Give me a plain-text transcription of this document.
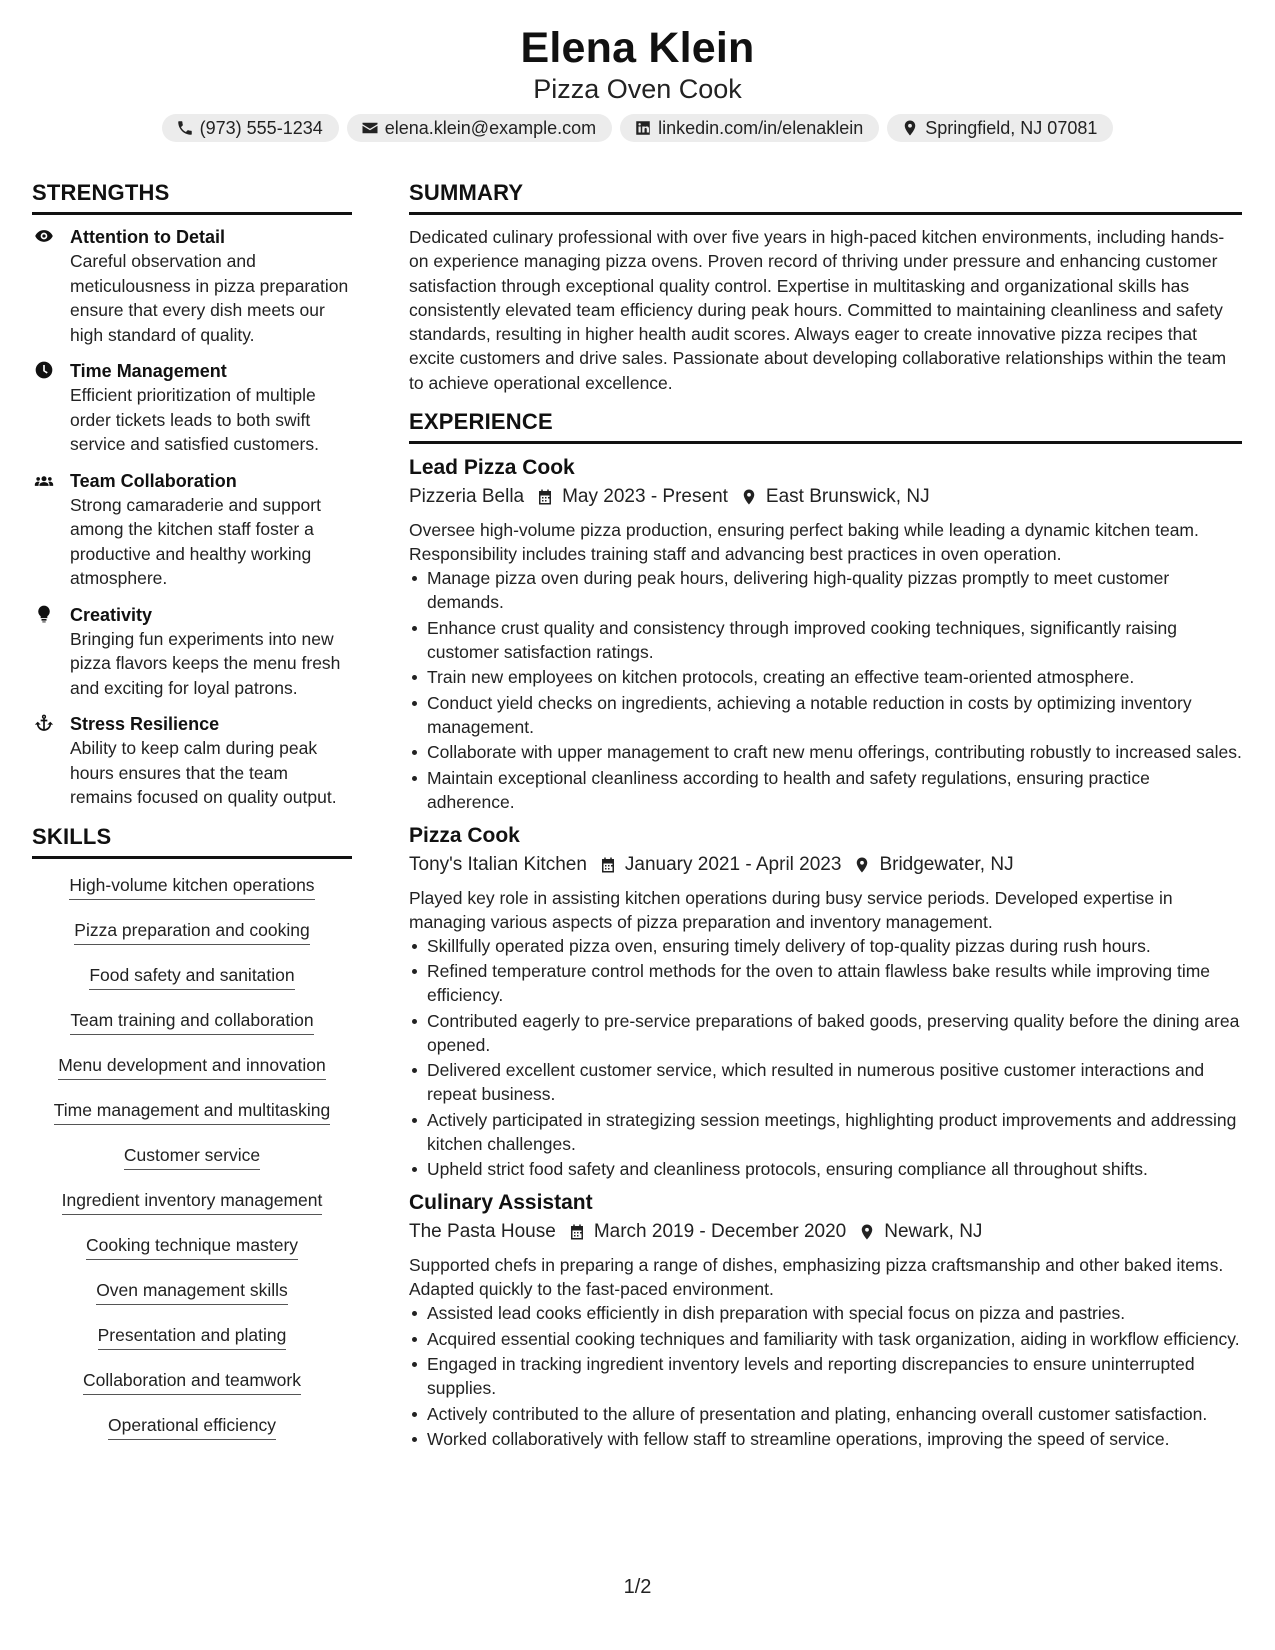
Elena Klein
Pizza Oven Cook
(973) 555-1234	elena.klein@example.com	linkedin.com/in/elenaklein	Springfield, NJ 07081
STRENGTHS
Attention to Detail
Careful observation and meticulousness in pizza preparation ensure that every dish meets our high standard of quality.
Time Management
Efficient prioritization of multiple order tickets leads to both swift service and satisfied customers.
Team Collaboration
Strong camaraderie and support among the kitchen staff foster a productive and healthy working atmosphere.
Creativity
Bringing fun experiments into new pizza flavors keeps the menu fresh and exciting for loyal patrons.
Stress Resilience
Ability to keep calm during peak hours ensures that the team remains focused on quality output.
SKILLS
High-volume kitchen operations
Pizza preparation and cooking
Food safety and sanitation
Team training and collaboration
Menu development and innovation
Time management and multitasking
Customer service
Ingredient inventory management
Cooking technique mastery
Oven management skills
Presentation and plating
Collaboration and teamwork
Operational efficiency
SUMMARY

Dedicated culinary professional with over five years in high-paced kitchen environments, including hands-on experience managing pizza ovens. Proven record of thriving under pressure and enhancing customer satisfaction through exceptional quality control. Expertise in multitasking and organizational skills has consistently elevated team efficiency during peak hours. Committed to maintaining cleanliness and safety standards, resulting in higher health audit scores. Always eager to create innovative pizza recipes that excite customers and drive sales. Passionate about developing collaborative relationships within the team to achieve operational excellence.

EXPERIENCE
Lead Pizza Cook
Pizzeria Bella May 2023 - Present East Brunswick, NJ
Oversee high-volume pizza production, ensuring perfect baking while leading a dynamic kitchen team. Responsibility includes training staff and advancing best practices in oven operation.
Manage pizza oven during peak hours, delivering high-quality pizzas promptly to meet customer demands.
Enhance crust quality and consistency through improved cooking techniques, significantly raising customer satisfaction ratings.
Train new employees on kitchen protocols, creating an effective team-oriented atmosphere.
Conduct yield checks on ingredients, achieving a notable reduction in costs by optimizing inventory management.
Collaborate with upper management to craft new menu offerings, contributing robustly to increased sales.
Maintain exceptional cleanliness according to health and safety regulations, ensuring practice adherence.
Pizza Cook
Tony's Italian Kitchen January 2021 - April 2023 Bridgewater, NJ
Played key role in assisting kitchen operations during busy service periods. Developed expertise in managing various aspects of pizza preparation and inventory management.
Skillfully operated pizza oven, ensuring timely delivery of top-quality pizzas during rush hours.
Refined temperature control methods for the oven to attain flawless bake results while improving time efficiency.
Contributed eagerly to pre-service preparations of baked goods, preserving quality before the dining area opened.
Delivered excellent customer service, which resulted in numerous positive customer interactions and repeat business.
Actively participated in strategizing session meetings, highlighting product improvements and addressing kitchen challenges.
Upheld strict food safety and cleanliness protocols, ensuring compliance all throughout shifts.
Culinary Assistant
The Pasta House March 2019 - December 2020 Newark, NJ
Supported chefs in preparing a range of dishes, emphasizing pizza craftsmanship and other baked items. Adapted quickly to the fast-paced environment.
Assisted lead cooks efficiently in dish preparation with special focus on pizza and pastries.
Acquired essential cooking techniques and familiarity with task organization, aiding in workflow efficiency.
Engaged in tracking ingredient inventory levels and reporting discrepancies to ensure uninterrupted supplies.
Actively contributed to the allure of presentation and plating, enhancing overall customer satisfaction.
Worked collaboratively with fellow staff to streamline operations, improving the speed of service.
1/2
